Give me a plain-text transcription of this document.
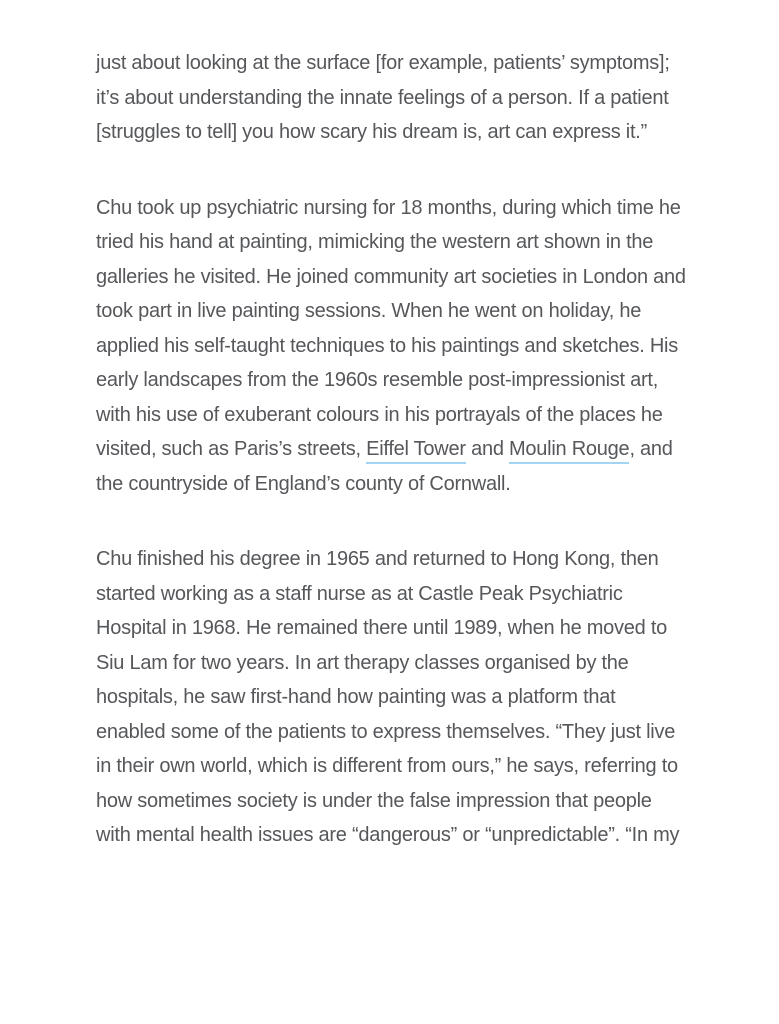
just about looking at the surface [for example, patients’ symptoms]; it’s about understanding the innate feelings of a person. If a patient [struggles to tell] you how scary his dream is, art can express it.”

Chu took up psychiatric nursing for 18 months, during which time he tried his hand at painting, mimicking the western art shown in the galleries he visited. He joined community art societies in London and took part in live painting sessions. When he went on holiday, he applied his self-taught techniques to his paintings and sketches. His early landscapes from the 1960s resemble post-impressionist art, with his use of exuberant colours in his portrayals of the places he visited, such as Paris’s streets, Eiffel Tower and Moulin Rouge, and the countryside of England’s county of Cornwall.

Chu finished his degree in 1965 and returned to Hong Kong, then started working as a staff nurse as at Castle Peak Psychiatric Hospital in 1968. He remained there until 1989, when he moved to Siu Lam for two years. In art therapy classes organised by the hospitals, he saw first-hand how painting was a platform that enabled some of the patients to express themselves. “They just live in their own world, which is different from ours,” he says, referring to how sometimes society is under the false impression that people with mental health issues are “dangerous” or “unpredictable”. “In my
